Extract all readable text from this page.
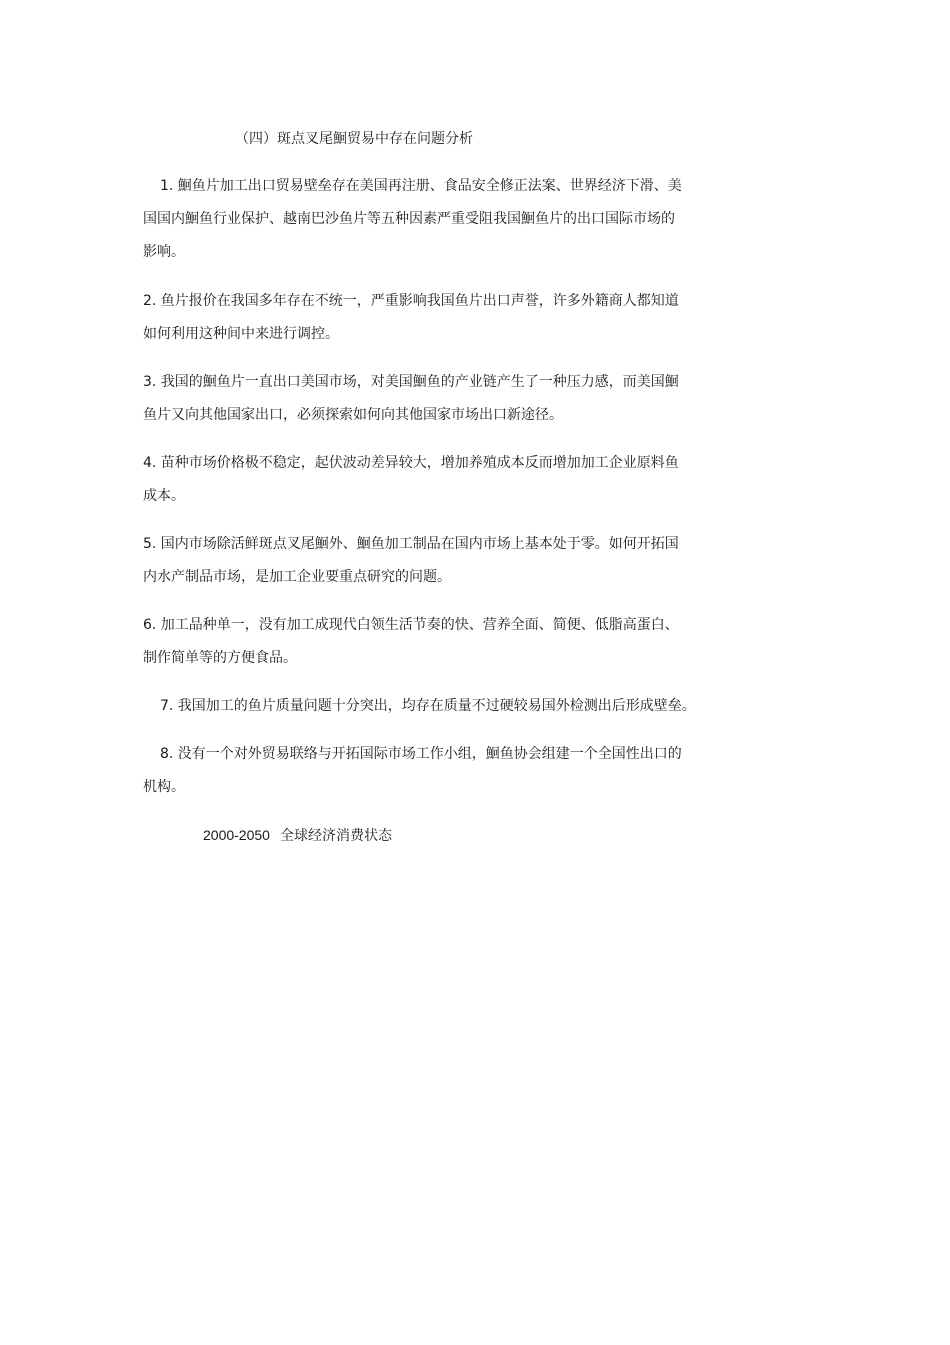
（四）斑点叉尾鮰贸易中存在问题分析
1. 鮰鱼片加工出口贸易壁垒存在美国再注册、食品安全修正法案、世界经济下滑、美
国国内鮰鱼行业保护、越南巴沙鱼片等五种因素严重受阻我国鮰鱼片的出口国际市场的
影响。
2. 鱼片报价在我国多年存在不统一，严重影响我国鱼片出口声誉，许多外籍商人都知道
如何利用这种间中来进行调控。
3. 我国的鮰鱼片一直出口美国市场，对美国鮰鱼的产业链产生了一种压力感，而美国鮰
鱼片又向其他国家出口，必须探索如何向其他国家市场出口新途径。
4. 苗种市场价格极不稳定，起伏波动差异较大，增加养殖成本反而增加加工企业原料鱼
成本。
5. 国内市场除活鲜斑点叉尾鮰外、鮰鱼加工制品在国内市场上基本处于零。如何开拓国
内水产制品市场，是加工企业要重点研究的问题。
6. 加工品种单一，没有加工成现代白领生活节奏的快、营养全面、简便、低脂高蛋白、
制作简单等的方便食品。
7. 我国加工的鱼片质量问题十分突出，均存在质量不过硬较易国外检测出后形成壁垒。
8. 没有一个对外贸易联络与开拓国际市场工作小组，鮰鱼协会组建一个全国性出口的
机构。
2000-2050 全球经济消费状态
